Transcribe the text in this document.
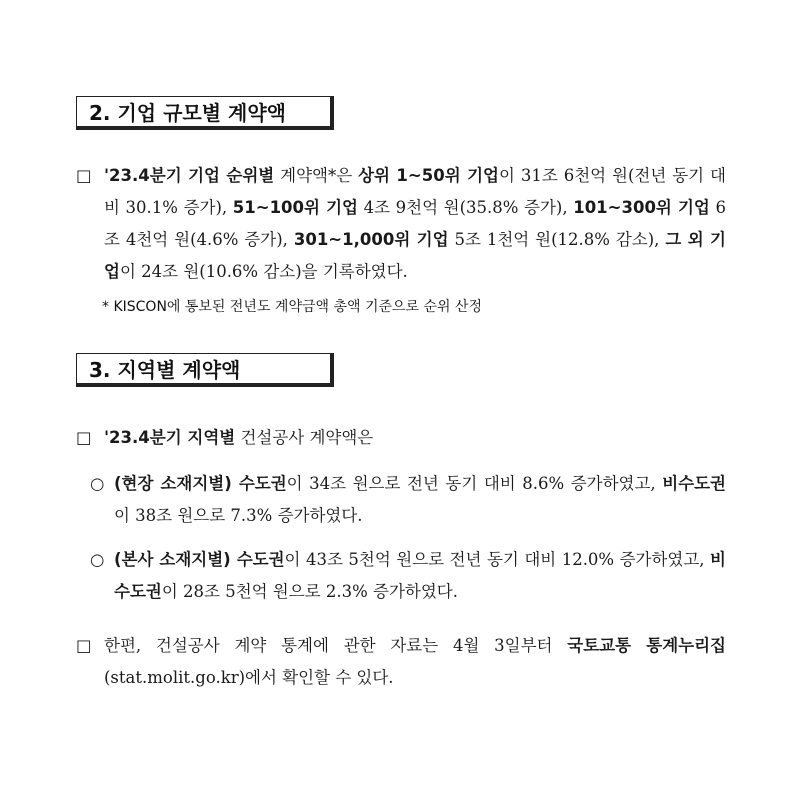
2. 기업 규모별 계약액
□ '23.4분기 기업 순위별 계약액*은 상위 1~50위 기업이 31조 6천억 원(전년 동기 대비 30.1% 증가), 51~100위 기업 4조 9천억 원(35.8% 증가), 101~300위 기업 6조 4천억 원(4.6% 증가), 301~1,000위 기업 5조 1천억 원(12.8% 감소), 그 외 기업이 24조 원(10.6% 감소)을 기록하였다.
* KISCON에 통보된 전년도 계약금액 총액 기준으로 순위 산정
3. 지역별 계약액
□ '23.4분기 지역별 건설공사 계약액은
○ (현장 소재지별) 수도권이 34조 원으로 전년 동기 대비 8.6% 증가하였고, 비수도권이 38조 원으로 7.3% 증가하였다.
○ (본사 소재지별) 수도권이 43조 5천억 원으로 전년 동기 대비 12.0% 증가하였고, 비수도권이 28조 5천억 원으로 2.3% 증가하였다.
□ 한편, 건설공사 계약 통계에 관한 자료는 4월 3일부터 국토교통 통계누리집(stat.molit.go.kr)에서 확인할 수 있다.
